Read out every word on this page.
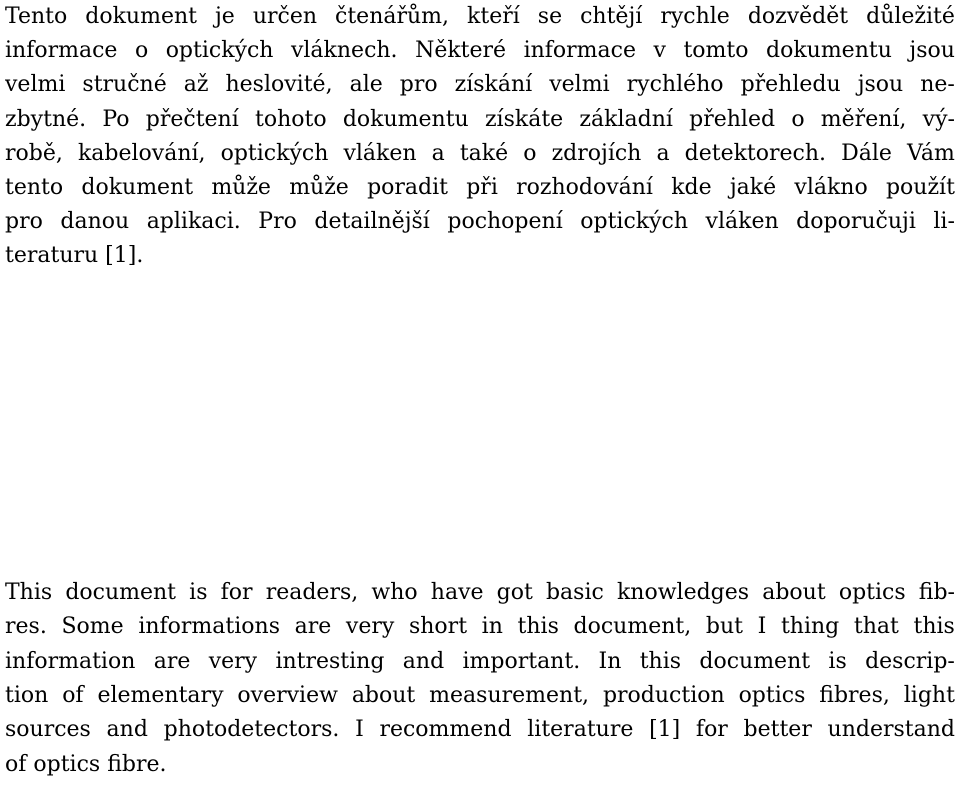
Tento dokument je určen čtenářům, kteří se chtějí rychle dozvědět důležité
informace o optických vláknech. Některé informace v tomto dokumentu jsou
velmi stručné až heslovité, ale pro získání velmi rychlého přehledu jsou ne-
zbytné. Po přečtení tohoto dokumentu získáte základní přehled o měření, vý-
robě, kabelování, optických vláken a také o zdrojích a detektorech. Dále Vám
tento dokument může může poradit při rozhodování kde jaké vlákno použít
pro danou aplikaci. Pro detailnější pochopení optických vláken doporučuji li-
teraturu [1].
This document is for readers, who have got basic knowledges about optics fib-
res. Some informations are very short in this document, but I thing that this
information are very intresting and important. In this document is descrip-
tion of elementary overview about measurement, production optics fibres, light
sources and photodetectors. I recommend literature [1] for better understand
of optics fibre.
